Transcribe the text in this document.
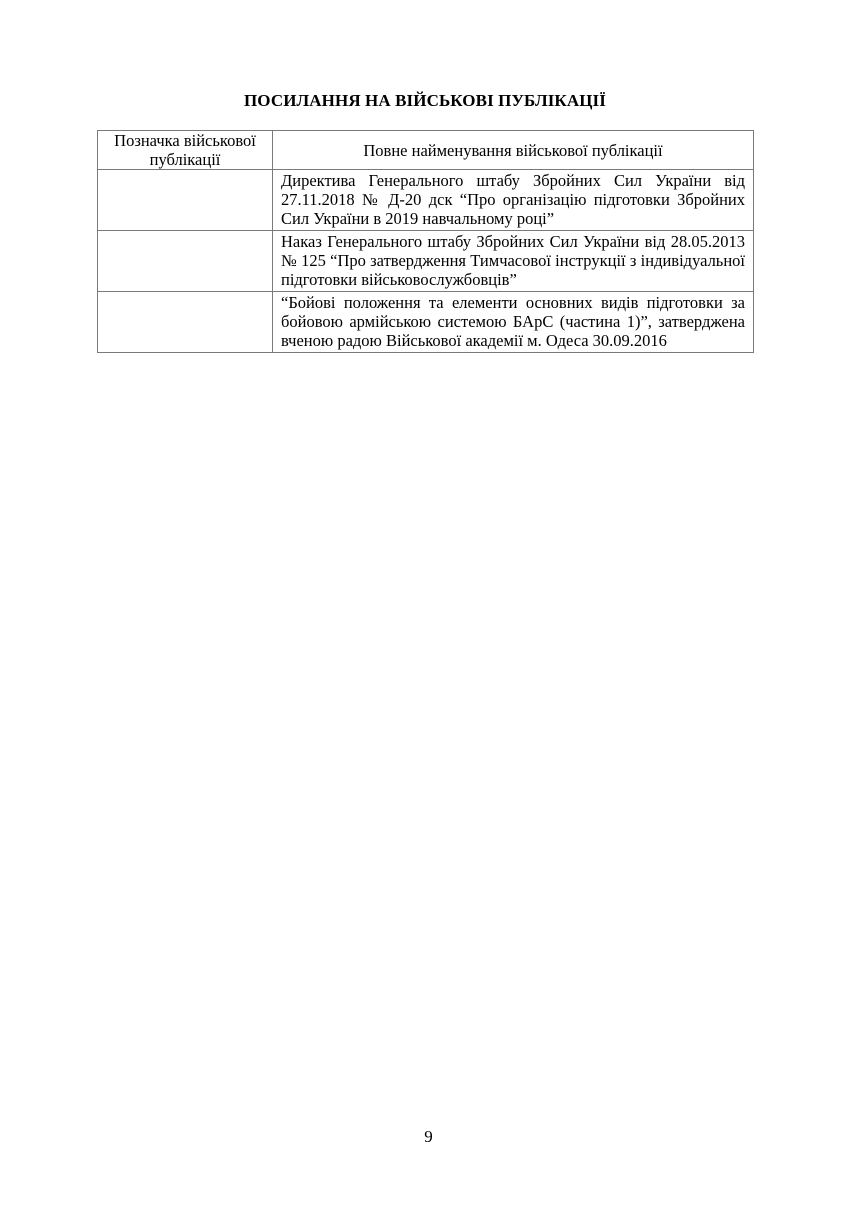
ПОСИЛАННЯ НА ВІЙСЬКОВІ ПУБЛІКАЦІЇ
Позначка військової публікації	Повне найменування військової публікації
	Директива Генерального штабу Збройних Сил України від 27.11.2018 № Д-20 дск “Про організацію підготовки Збройних Сил України в 2019 навчальному році”
	Наказ Генерального штабу Збройних Сил України від 28.05.2013 № 125 “Про затвердження Тимчасової інструкції з індивідуальної підготовки військовослужбовців”
	“Бойові положення та елементи основних видів підготовки за бойовою армійською системою БАрС (частина 1)”, затверджена вченою радою Військової академії м. Одеса 30.09.2016
9
